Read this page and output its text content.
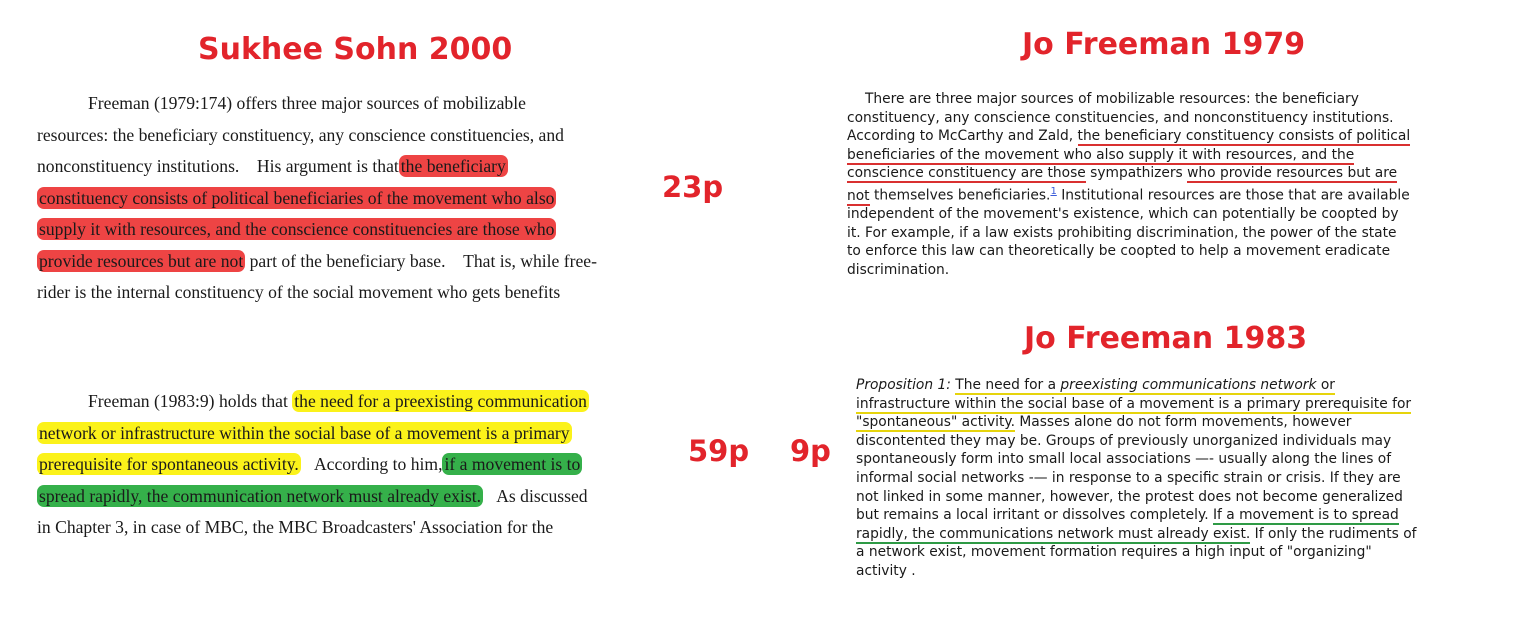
Sukhee Sohn 2000
Freeman (1979:174) offers three major sources of mobilizable
resources: the beneficiary constituency, any conscience constituencies, and
nonconstituency institutions.    His argument is that the beneficiary
constituency consists of political beneficiaries of the movement who also
supply it with resources, and the conscience constituencies are those who
provide resources but are not part of the beneficiary base.    That is, while free-
rider is the internal constituency of the social movement who gets benefits
23p
Freeman (1983:9) holds that the need for a preexisting communication
network or infrastructure within the social base of a movement is a primary
prerequisite for spontaneous activity.   According to him, if a movement is to
spread rapidly, the communication network must already exist.   As discussed
in Chapter 3, in case of MBC, the MBC Broadcasters' Association for the
59p 9p
Jo Freeman 1979
There are three major sources of mobilizable resources: the beneficiary
constituency, any conscience constituencies, and nonconstituency institutions.
According to McCarthy and Zald, the beneficiary constituency consists of political
beneficiaries of the movement who also supply it with resources, and the
conscience constituency are those sympathizers who provide resources but are
not themselves beneficiaries.$^1$ Institutional resources are those that are available
independent of the movement's existence, which can potentially be coopted by
it. For example, if a law exists prohibiting discrimination, the power of the state
to enforce this law can theoretically be coopted to help a movement eradicate
discrimination.
Jo Freeman 1983
Proposition 1: The need for a preexisting communications network or
infrastructure within the social base of a movement is a primary prerequisite for
"spontaneous" activity. Masses alone do not form movements, however
discontented they may be. Groups of previously unorganized individuals may
spontaneously form into small local associations —- usually along the lines of
informal social networks -— in response to a specific strain or crisis. If they are
not linked in some manner, however, the protest does not become generalized
but remains a local irritant or dissolves completely. If a movement is to spread
rapidly, the communications network must already exist. If only the rudiments of
a network exist, movement formation requires a high input of "organizing"
activity .
